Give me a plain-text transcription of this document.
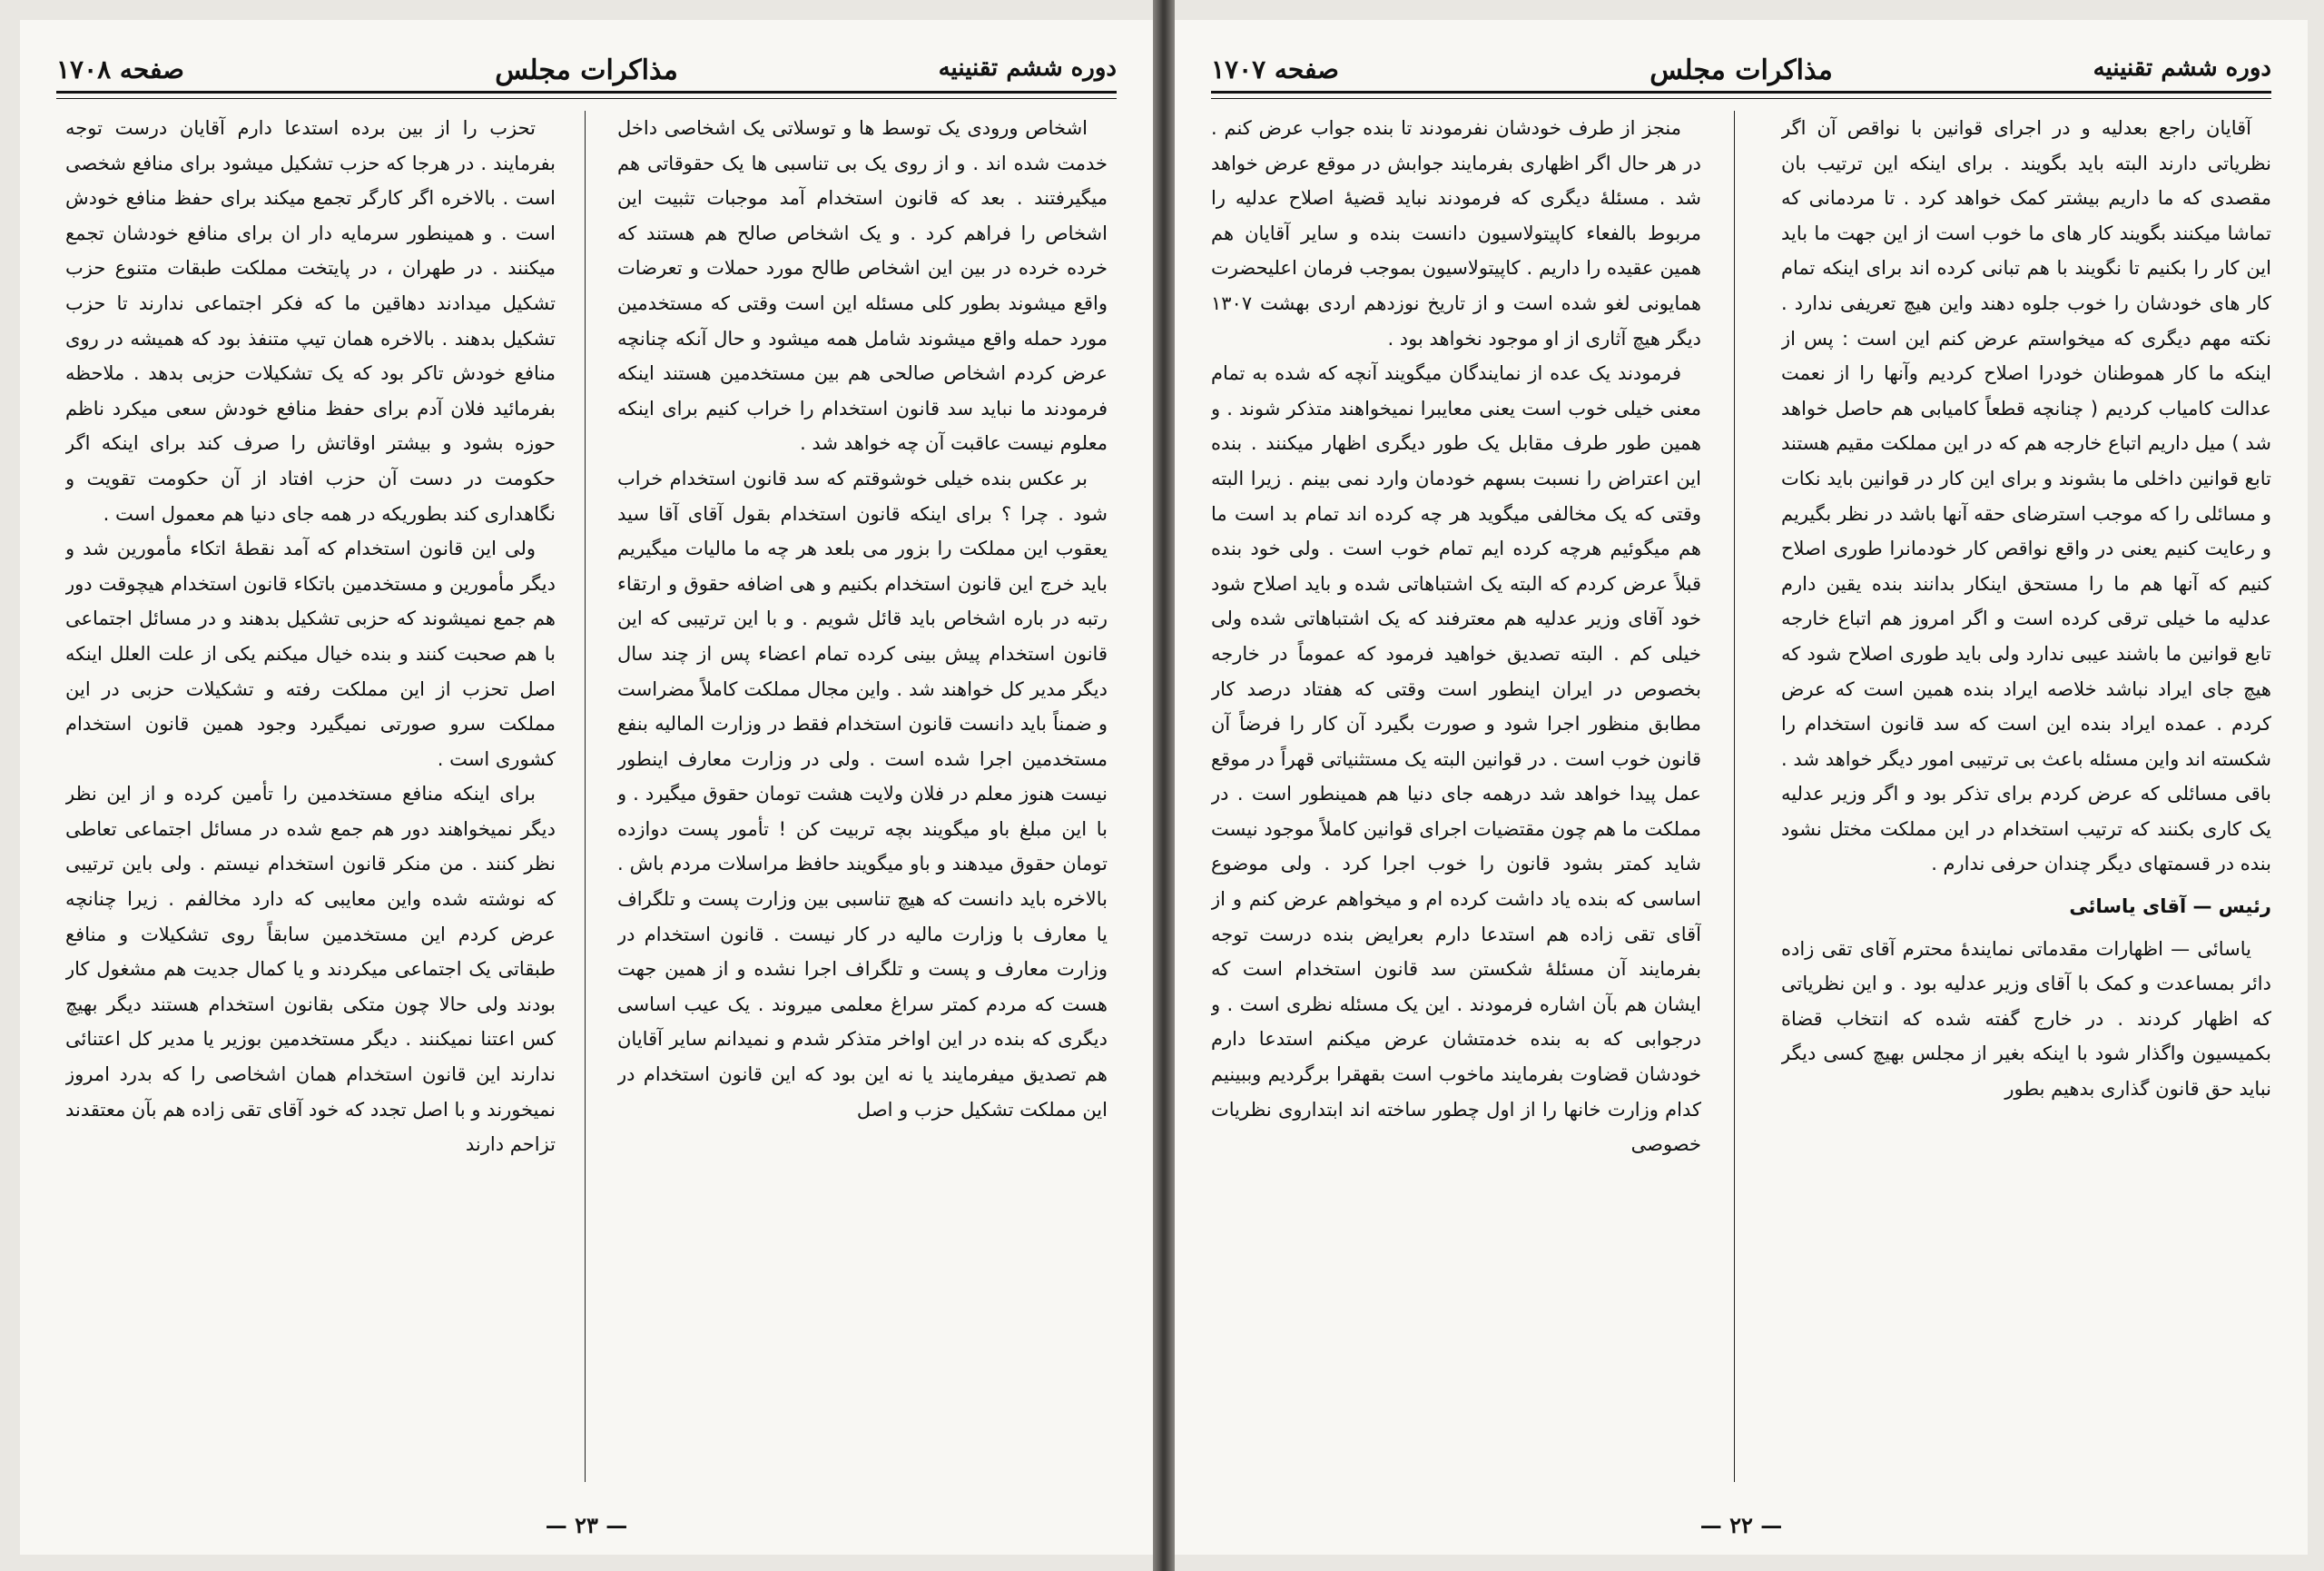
دوره ششم تقنینیه
مذاکرات مجلس
صفحه ۱۷۰۸

اشخاص ورودی یک توسط ها و توسلاتی یک اشخاصی داخل خدمت شده اند . و از روی یک بی تناسبی ها یک حقوقاتی هم میگیرفتند . بعد که قانون استخدام آمد موجبات تثبیت این اشخاص را فراهم کرد . و یک اشخاص صالح هم هستند که خرده خرده در بین این اشخاص طالح مورد حملات و تعرضات واقع میشوند بطور کلی مسئله این است وقتی که مستخدمین مورد حمله واقع میشوند شامل همه میشود و حال آنکه چنانچه عرض کردم اشخاص صالحی هم بین مستخدمین هستند اینکه فرمودند ما نباید سد قانون استخدام را خراب کنیم برای اینکه معلوم نیست عاقبت آن چه خواهد شد .

بر عکس بنده خیلی خوشوقتم که سد قانون استخدام خراب شود . چرا ؟ برای اینکه قانون استخدام بقول آقای آقا سید یعقوب این مملکت را بزور می بلعد هر چه ما مالیات میگیریم باید خرج این قانون استخدام بکنیم و هی اضافه حقوق و ارتقاء رتبه در باره اشخاص باید قائل شویم . و با این ترتیبی که این قانون استخدام پیش بینی کرده تمام اعضاء پس از چند سال دیگر مدیر کل خواهند شد . واین مجال مملکت کاملاً مضراست و ضمناً باید دانست قانون استخدام فقط در وزارت المالیه بنفع مستخدمین اجرا شده است . ولی در وزارت معارف اینطور نیست هنوز معلم در فلان ولایت هشت تومان حقوق میگیرد . و با این مبلغ باو میگویند بچه تربیت کن ! تأمور پست دوازده تومان حقوق میدهند و باو میگویند حافظ مراسلات مردم باش . بالاخره باید دانست که هیچ تناسبی بین وزارت پست و تلگراف یا معارف با وزارت مالیه در کار نیست . قانون استخدام در وزارت معارف و پست و تلگراف اجرا نشده و از همین جهت هست که مردم کمتر سراغ معلمی میروند . یک عیب اساسی دیگری که بنده در این اواخر متذکر شدم و نمیدانم سایر آقایان هم تصدیق میفرمایند یا نه این بود که این قانون استخدام در این مملکت تشکیل حزب و اصل

تحزب را از بین برده استدعا دارم آقایان درست توجه بفرمایند . در هرجا که حزب تشکیل میشود برای منافع شخصی است . بالاخره اگر کارگر تجمع میکند برای حفظ منافع خودش است . و همینطور سرمایه دار ان برای منافع خودشان تجمع میکنند . در طهران ، در پایتخت مملکت طبقات متنوع حزب تشکیل میدادند دهاقین ما که فکر اجتماعی ندارند تا حزب تشکیل بدهند . بالاخره همان تیپ متنفذ بود که همیشه در روی منافع خودش تاکر بود که یک تشکیلات حزبی بدهد . ملاحظه بفرمائید فلان آدم برای حفظ منافع خودش سعی میکرد ناظم حوزه بشود و بیشتر اوقاتش را صرف کند برای اینکه اگر حکومت در دست آن حزب افتاد از آن حکومت تقویت و نگاهداری کند بطوریکه در همه جای دنیا هم معمول است .

ولی این قانون استخدام که آمد نقطهٔ اتکاء مأمورین شد و دیگر مأمورین و مستخدمین باتکاء قانون استخدام هیچوقت دور هم جمع نمیشوند که حزبی تشکیل بدهند و در مسائل اجتماعی با هم صحبت کنند و بنده خیال میکنم یکی از علت العلل اینکه اصل تحزب از این مملکت رفته و تشکیلات حزبی در این مملکت سرو صورتی نمیگیرد وجود همین قانون استخدام کشوری است .

برای اینکه منافع مستخدمین را تأمین کرده و از این نظر دیگر نمیخواهند دور هم جمع شده در مسائل اجتماعی تعاطی نظر کنند . من منکر قانون استخدام نیستم . ولی باین ترتیبی که نوشته شده واین معایبی که دارد مخالفم . زیرا چنانچه عرض کردم این مستخدمین سابقاً روی تشکیلات و منافع طبقاتی یک اجتماعی میکردند و یا کمال جدیت هم مشغول کار بودند ولی حالا چون متکی بقانون استخدام هستند دیگر بهیچ کس اعتنا نمیکنند . دیگر مستخدمین بوزیر یا مدیر کل اعتنائی ندارند این قانون استخدام همان اشخاصی را که بدرد امروز نمیخورند و با اصل تجدد که خود آقای تقی زاده هم بآن معتقدند تزاحم دارند

— ۲۳ —
دوره ششم تقنینیه
مذاکرات مجلس
صفحه ۱۷۰۷

آقایان راجع بعدلیه و در اجرای قوانین با نواقص آن اگر نظریاتی دارند البته باید بگویند . برای اینکه این ترتیب بان مقصدی که ما داریم بیشتر کمک خواهد کرد . تا مردمانی که تماشا میکنند بگویند کار های ما خوب است از این جهت ما باید این کار را بکنیم تا نگویند با هم تبانی کرده اند برای اینکه تمام کار های خودشان را خوب جلوه دهند واین هیچ تعریفی ندارد . نکته مهم دیگری که میخواستم عرض کنم این است : پس از اینکه ما کار هموطنان خودرا اصلاح کردیم وآنها را از نعمت عدالت کامیاب کردیم ( چنانچه قطعاً کامیابی هم حاصل خواهد شد ) میل داریم اتباع خارجه هم که در این مملکت مقیم هستند تابع قوانین داخلی ما بشوند و برای این کار در قوانین باید نکات و مسائلی را که موجب استرضای حقه آنها باشد در نظر بگیریم و رعایت کنیم یعنی در واقع نواقص کار خودمانرا طوری اصلاح کنیم که آنها هم ما را مستحق اینکار بدانند بنده یقین دارم عدلیه ما خیلی ترقی کرده است و اگر امروز هم اتباع خارجه تابع قوانین ما باشند عیبی ندارد ولی باید طوری اصلاح شود که هیچ جای ایراد نباشد خلاصه ایراد بنده همین است که عرض کردم . عمده ایراد بنده این است که سد قانون استخدام را شکسته اند واین مسئله باعث بی ترتیبی امور دیگر خواهد شد . باقی مسائلی که عرض کردم برای تذکر بود و اگر وزیر عدلیه یک کاری بکنند که ترتیب استخدام در این مملکت مختل نشود بنده در قسمتهای دیگر چندان حرفی ندارم .

رئیس — آقای یاسائی

یاسائی — اظهارات مقدماتی نمایندهٔ محترم آقای تقی زاده دائر بمساعدت و کمک با آقای وزیر عدلیه بود . و این نظریاتی که اظهار کردند . در خارج گفته شده که انتخاب قضاة بکمیسیون واگذار شود با اینکه بغیر از مجلس بهیچ کسی دیگر نباید حق قانون گذاری بدهیم بطور

منجز از طرف خودشان نفرمودند تا بنده جواب عرض کنم . در هر حال اگر اظهاری بفرمایند جوابش در موقع عرض خواهد شد . مسئلهٔ دیگری که فرمودند نباید قضیهٔ اصلاح عدلیه را مربوط بالفعاء کاپیتولاسیون دانست بنده و سایر آقایان هم همین عقیده را داریم . کاپیتولاسیون بموجب فرمان اعلیحضرت همایونی لغو شده است و از تاریخ نوزدهم اردی بهشت ۱۳۰۷ دیگر هیچ آثاری از او موجود نخواهد بود .

فرمودند یک عده از نمایندگان میگویند آنچه که شده به تمام معنی خیلی خوب است یعنی معایبرا نمیخواهند متذکر شوند . و همین طور طرف مقابل یک طور دیگری اظهار میکنند . بنده این اعتراض را نسبت بسهم خودمان وارد نمی بینم . زیرا البته وقتی که یک مخالفی میگوید هر چه کرده اند تمام بد است ما هم میگوئیم هرچه کرده ایم تمام خوب است . ولی خود بنده قبلاً عرض کردم که البته یک اشتباهاتی شده و باید اصلاح شود خود آقای وزیر عدلیه هم معترفند که یک اشتباهاتی شده ولی خیلی کم . البته تصدیق خواهید فرمود که عموماً در خارجه بخصوص در ایران اینطور است وقتی که هفتاد درصد کار مطابق منظور اجرا شود و صورت بگیرد آن کار را فرضاً آن قانون خوب است . در قوانین البته یک مستثنیاتی قهراً در موقع عمل پیدا خواهد شد درهمه جای دنیا هم همینطور است . در مملکت ما هم چون مقتضیات اجرای قوانین کاملاً موجود نیست شاید کمتر بشود قانون را خوب اجرا کرد . ولی موضوع اساسی که بنده یاد داشت کرده ام و میخواهم عرض کنم و از آقای تقی زاده هم استدعا دارم بعرایض بنده درست توجه بفرمایند آن مسئلهٔ شکستن سد قانون استخدام است که ایشان هم بآن اشاره فرمودند . این یک مسئله نظری است . و درجوابی که به بنده خدمتشان عرض میکنم استدعا دارم خودشان قضاوت بفرمایند ماخوب است بقهقرا برگردیم وببینیم کدام وزارت خانها را از اول چطور ساخته اند ابتداروی نظریات خصوصی

— ۲۲ —
